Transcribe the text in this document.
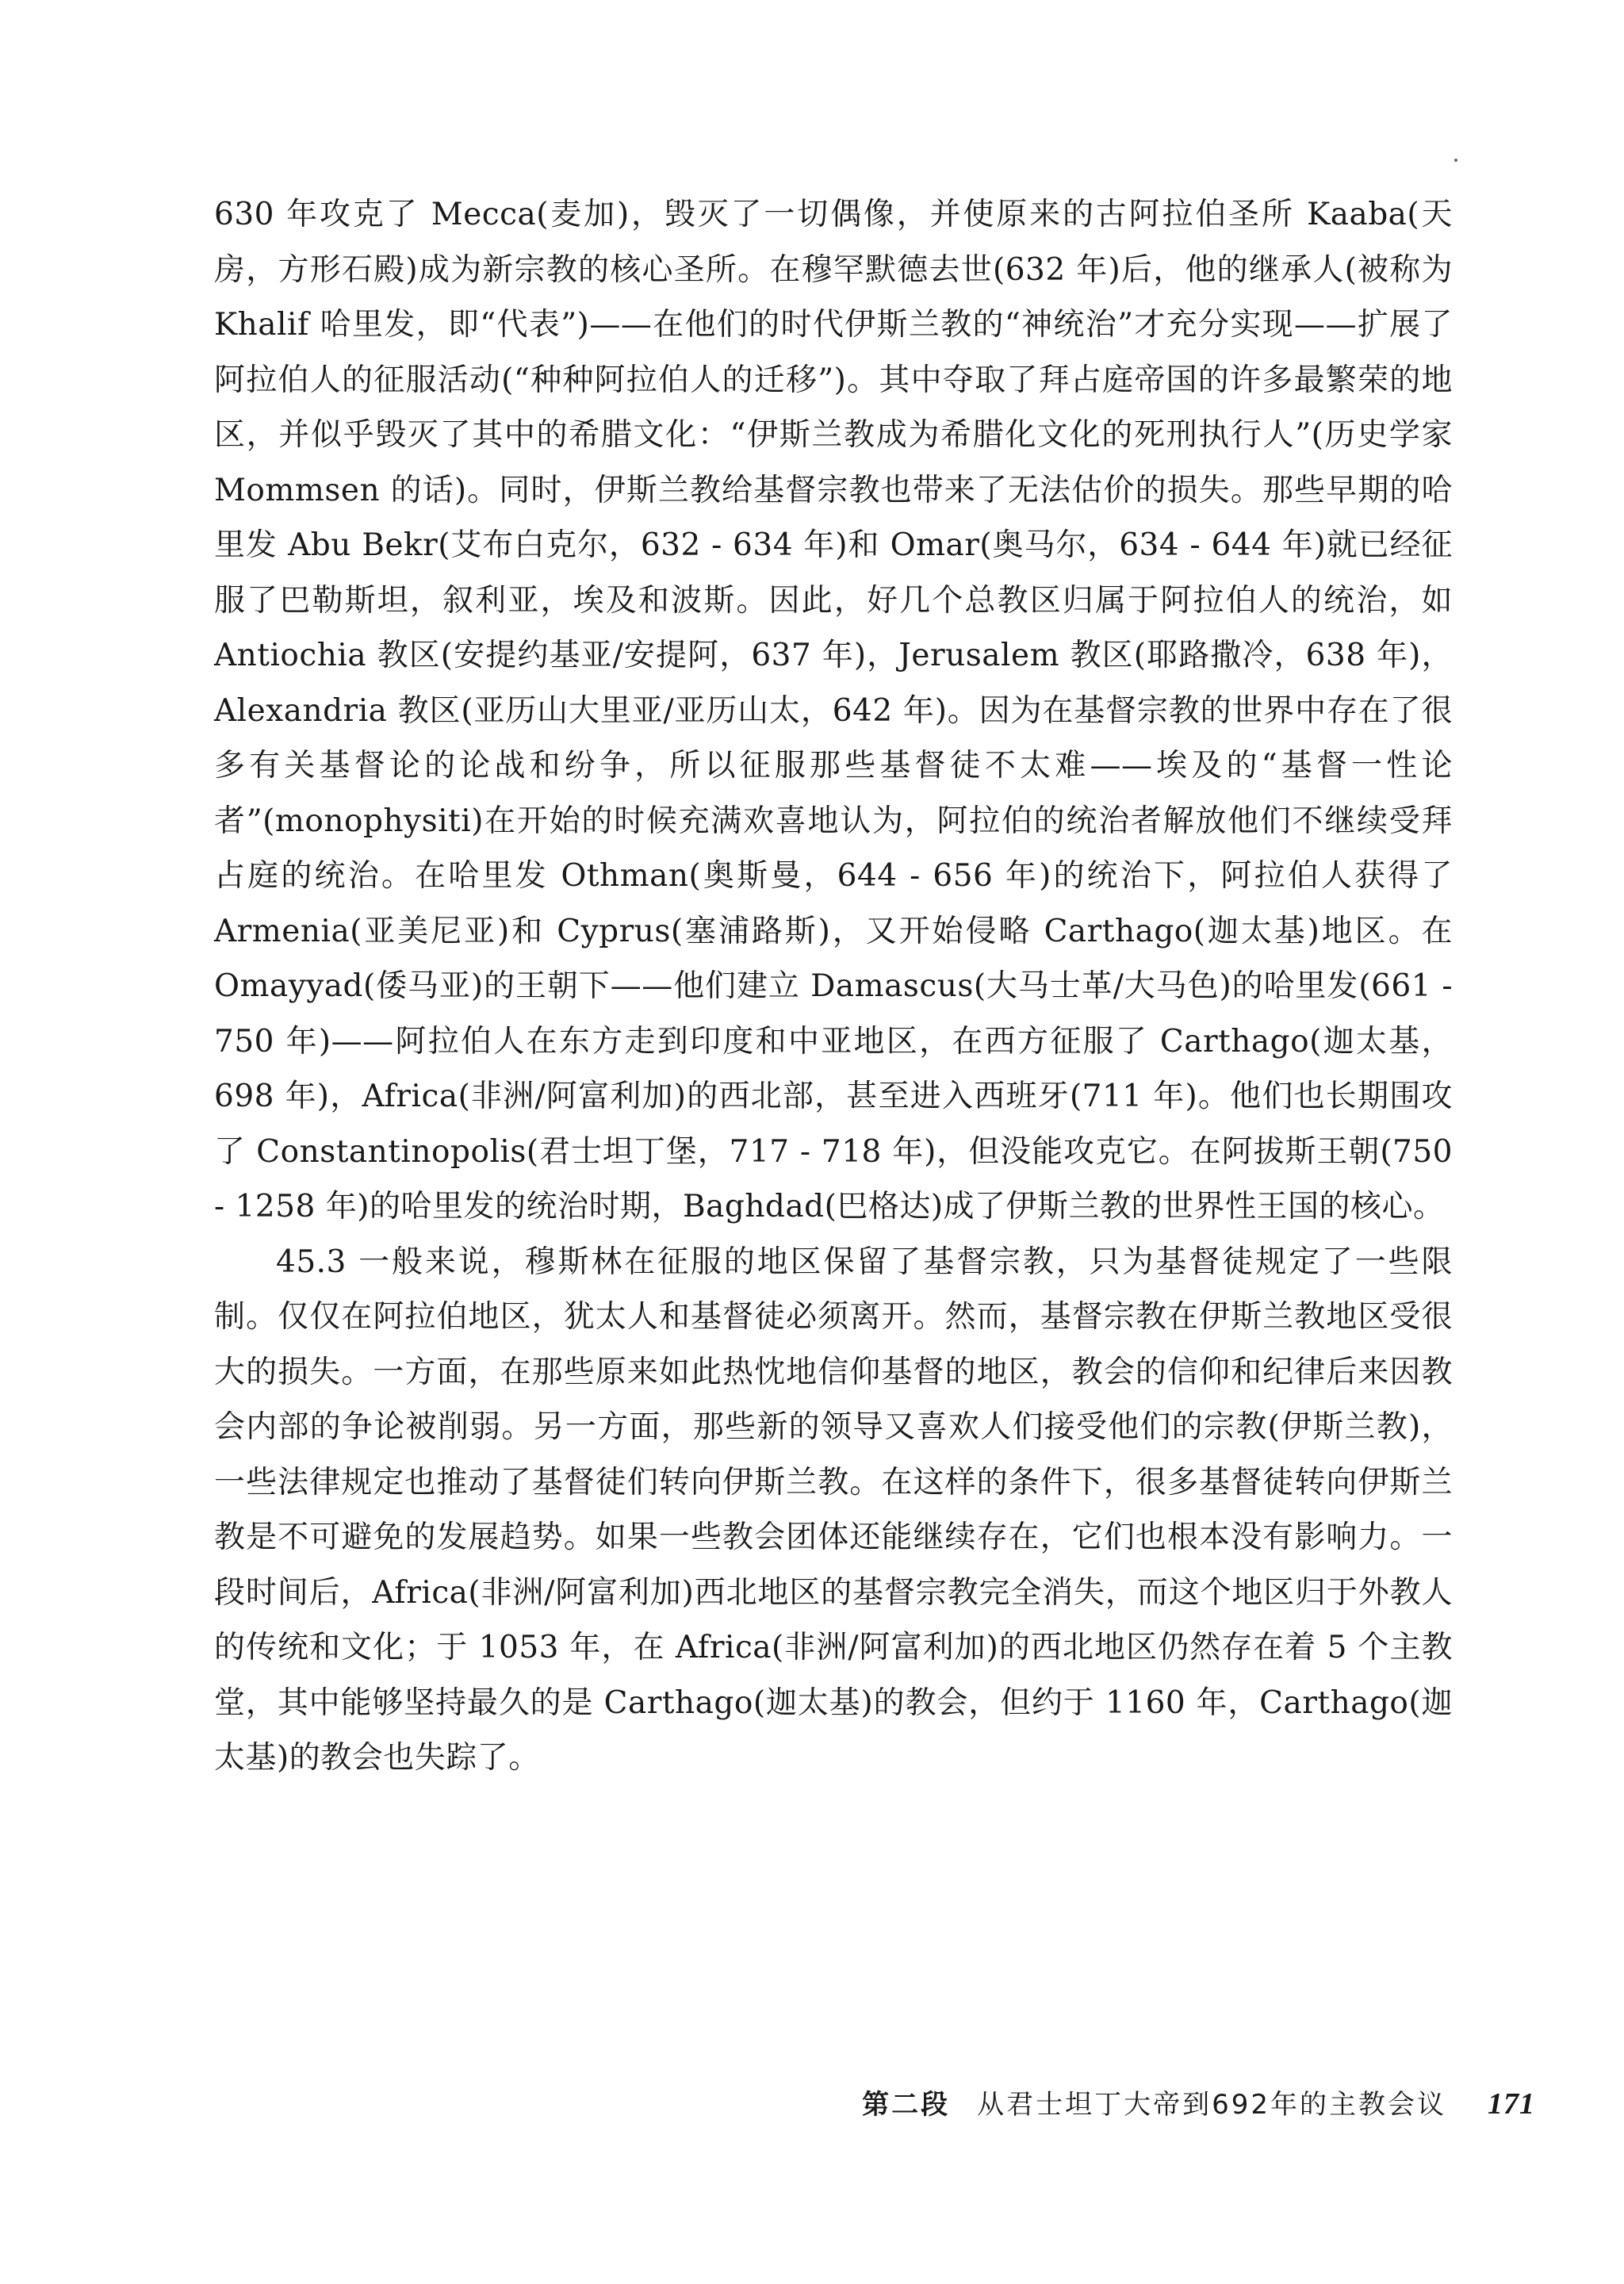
630 年攻克了 Mecca(麦加)，毁灭了一切偶像，并使原来的古阿拉伯圣所 Kaaba(天房，方形石殿)成为新宗教的核心圣所。在穆罕默德去世(632 年)后，他的继承人(被称为 Khalif 哈里发，即“代表”)——在他们的时代伊斯兰教的“神统治”才充分实现——扩展了阿拉伯人的征服活动(“种种阿拉伯人的迁移”)。其中夺取了拜占庭帝国的许多最繁荣的地区，并似乎毁灭了其中的希腊文化：“伊斯兰教成为希腊化文化的死刑执行人”(历史学家 Mommsen 的话)。同时，伊斯兰教给基督宗教也带来了无法估价的损失。那些早期的哈里发 Abu Bekr(艾布白克尔，632 - 634 年)和 Omar(奥马尔，634 - 644 年)就已经征服了巴勒斯坦，叙利亚，埃及和波斯。因此，好几个总教区归属于阿拉伯人的统治，如 Antiochia 教区(安提约基亚/安提阿，637 年)，Jerusalem 教区(耶路撒冷，638 年)，Alexandria 教区(亚历山大里亚/亚历山太，642 年)。因为在基督宗教的世界中存在了很多有关基督论的论战和纷争，所以征服那些基督徒不太难——埃及的“基督一性论者”(monophysiti)在开始的时候充满欢喜地认为，阿拉伯的统治者解放他们不继续受拜占庭的统治。在哈里发 Othman(奥斯曼，644 - 656 年)的统治下，阿拉伯人获得了 Armenia(亚美尼亚)和 Cyprus(塞浦路斯)，又开始侵略 Carthago(迦太基)地区。在 Omayyad(倭马亚)的王朝下——他们建立 Damascus(大马士革/大马色)的哈里发(661 - 750 年)——阿拉伯人在东方走到印度和中亚地区，在西方征服了 Carthago(迦太基，698 年)，Africa(非洲/阿富利加)的西北部，甚至进入西班牙(711 年)。他们也长期围攻了 Constantinopolis(君士坦丁堡，717 - 718 年)，但没能攻克它。在阿拔斯王朝(750 - 1258 年)的哈里发的统治时期，Baghdad(巴格达)成了伊斯兰教的世界性王国的核心。

45.3 一般来说，穆斯林在征服的地区保留了基督宗教，只为基督徒规定了一些限制。仅仅在阿拉伯地区，犹太人和基督徒必须离开。然而，基督宗教在伊斯兰教地区受很大的损失。一方面，在那些原来如此热忱地信仰基督的地区，教会的信仰和纪律后来因教会内部的争论被削弱。另一方面，那些新的领导又喜欢人们接受他们的宗教(伊斯兰教)，一些法律规定也推动了基督徒们转向伊斯兰教。在这样的条件下，很多基督徒转向伊斯兰教是不可避免的发展趋势。如果一些教会团体还能继续存在，它们也根本没有影响力。一段时间后，Africa(非洲/阿富利加)西北地区的基督宗教完全消失，而这个地区归于外教人的传统和文化；于 1053 年，在 Africa(非洲/阿富利加)的西北地区仍然存在着 5 个主教堂，其中能够坚持最久的是 Carthago(迦太基)的教会，但约于 1160 年，Carthago(迦太基)的教会也失踪了。

第二段 从君士坦丁大帝到692年的主教会议 171
